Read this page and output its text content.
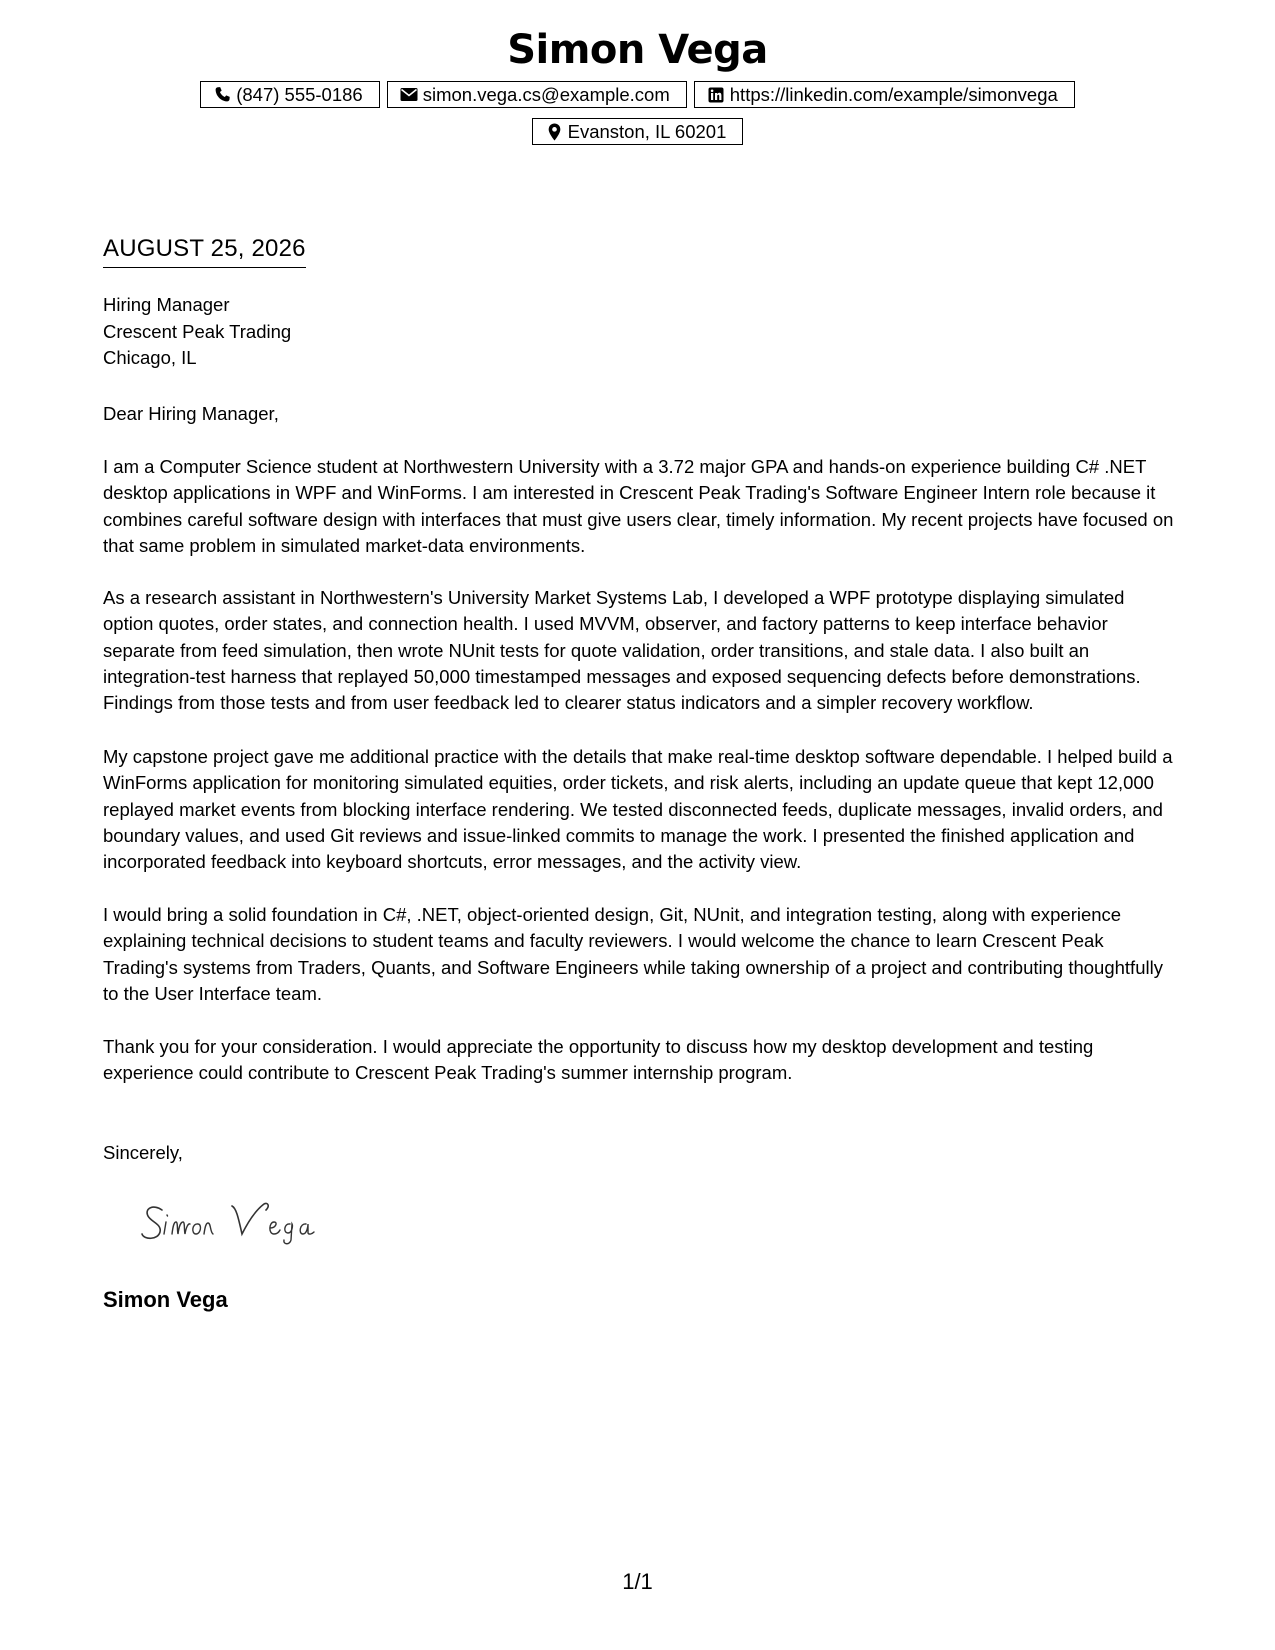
Simon Vega
(847) 555-0186	simon.vega.cs@example.com	https://linkedin.com/example/simonvega
Evanston, IL 60201
AUGUST 25, 2026
Hiring Manager
Crescent Peak Trading
Chicago, IL
Dear Hiring Manager,

I am a Computer Science student at Northwestern University with a 3.72 major GPA and hands-on experience building C# .NET desktop applications in WPF and WinForms. I am interested in Crescent Peak Trading's Software Engineer Intern role because it combines careful software design with interfaces that must give users clear, timely information. My recent projects have focused on that same problem in simulated market-data environments.

As a research assistant in Northwestern's University Market Systems Lab, I developed a WPF prototype displaying simulated option quotes, order states, and connection health. I used MVVM, observer, and factory patterns to keep interface behavior separate from feed simulation, then wrote NUnit tests for quote validation, order transitions, and stale data. I also built an integration-test harness that replayed 50,000 timestamped messages and exposed sequencing defects before demonstrations. Findings from those tests and from user feedback led to clearer status indicators and a simpler recovery workflow.

My capstone project gave me additional practice with the details that make real-time desktop software dependable. I helped build a WinForms application for monitoring simulated equities, order tickets, and risk alerts, including an update queue that kept 12,000 replayed market events from blocking interface rendering. We tested disconnected feeds, duplicate messages, invalid orders, and boundary values, and used Git reviews and issue-linked commits to manage the work. I presented the finished application and incorporated feedback into keyboard shortcuts, error messages, and the activity view.

I would bring a solid foundation in C#, .NET, object-oriented design, Git, NUnit, and integration testing, along with experience explaining technical decisions to student teams and faculty reviewers. I would welcome the chance to learn Crescent Peak Trading's systems from Traders, Quants, and Software Engineers while taking ownership of a project and contributing thoughtfully to the User Interface team.

Thank you for your consideration. I would appreciate the opportunity to discuss how my desktop development and testing experience could contribute to Crescent Peak Trading's summer internship program.

Sincerely,
Simon Vega
1/1
